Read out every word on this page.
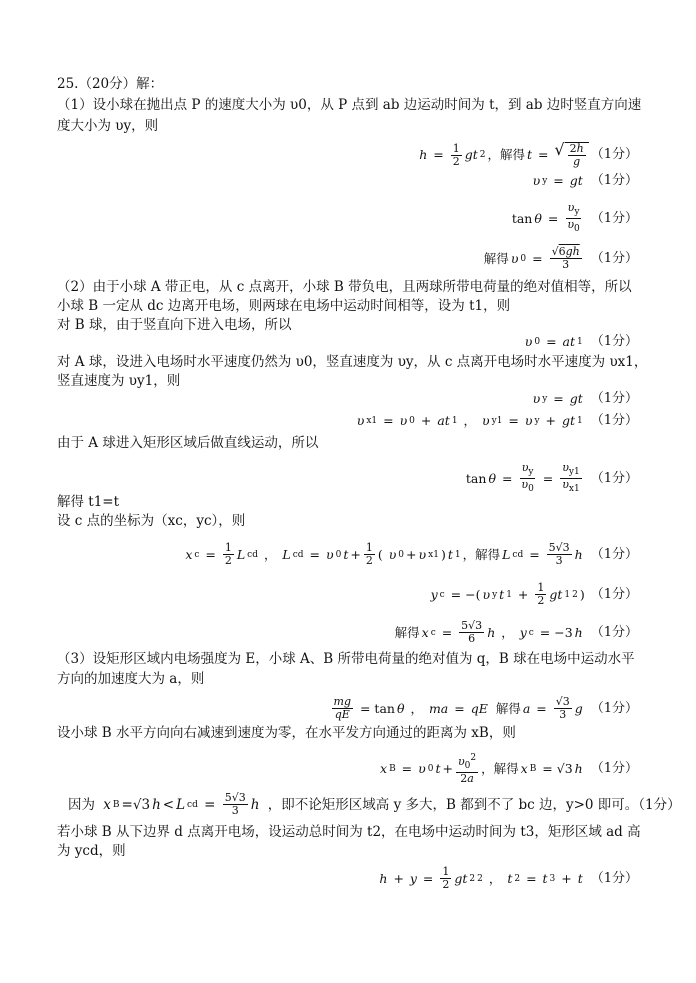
25.（20分）解：
（1）设小球在抛出点 P 的速度大小为 υ0，从 P 点到 ab 边运动时间为 t，到 ab 边时竖直方向速
度大小为 υy，则
h = 1
2 gt 2 ，解得 t = √ $\frac{2h}{g} (1$分）
υ y = gt
（1分）
tan θ =
$\upsilon_y$
$\upsilon_0$

（1分）
解得 υ 0 = √6gh
3
（1分）
（2）由于小球 A 带正电，从 c 点离开，小球 B 带负电，且两球所带电荷量的绝对值相等，所以
小球 B 一定从 dc 边离开电场，则两球在电场中运动时间相等，设为 t1，则
对 B 球，由于竖直向下进入电场，所以
υ 0 = at 1
（1分）
对 A 球，设进入电场时水平速度仍然为 υ0，竖直速度为 υy，从 c 点离开电场时水平速度为 υx1，
竖直速度为 υy1，则
υ y = gt
（1分）
υ x1 = υ 0 + at 1 ， υ y1 = υ y + gt 1
（1分）
由于 A 球进入矩形区域后做直线运动，所以
tan θ =
$\upsilon_y$
$\upsilon_0$
=
$\upsilon_{y1}$
$\upsilon_{x1}$

（1分）
解得 t1=t
设 c 点的坐标为（xc，yc），则
x c = 1
2 L cd ， L cd = υ 0 t + 1
2 ( υ 0 + υ x1 ) t 1 ，解得 L cd = 5√3
3 h
（1分）
y c = −( υ y t 1 + 1
2 gt 1 2 ) （1分）
解得 x c = 5√3
6 h ， y c = −3 h
（1分）
（3）设矩形区域内电场强度为 E，小球 A、B 所带电荷量的绝对值为 q，B 球在电场中运动水平
方向的加速度大为 a，则
mg
qE = tan θ ， ma = qE
解得 a = √3
3 g
（1分）
设小球 B 水平方向向右减速到速度为零，在水平发方向通过的距离为 xB，则
x B = υ 0 $t + \upsilon_0^2$
2a
，解得 x B = √3 h
（1分）
因为
x B =√3 h < L cd = 5√3
3 h
，即不论矩形区域高 y 多大，B 都到不了 bc 边，y>0 即可。（1分）
若小球 B 从下边界 d 点离开电场，设运动总时间为 t2，在电场中运动时间为 t3，矩形区域 ad 高
为 ycd，则
h + y = 1
2 gt 2 2 ， t 2 = t 3 + t
（1分）
